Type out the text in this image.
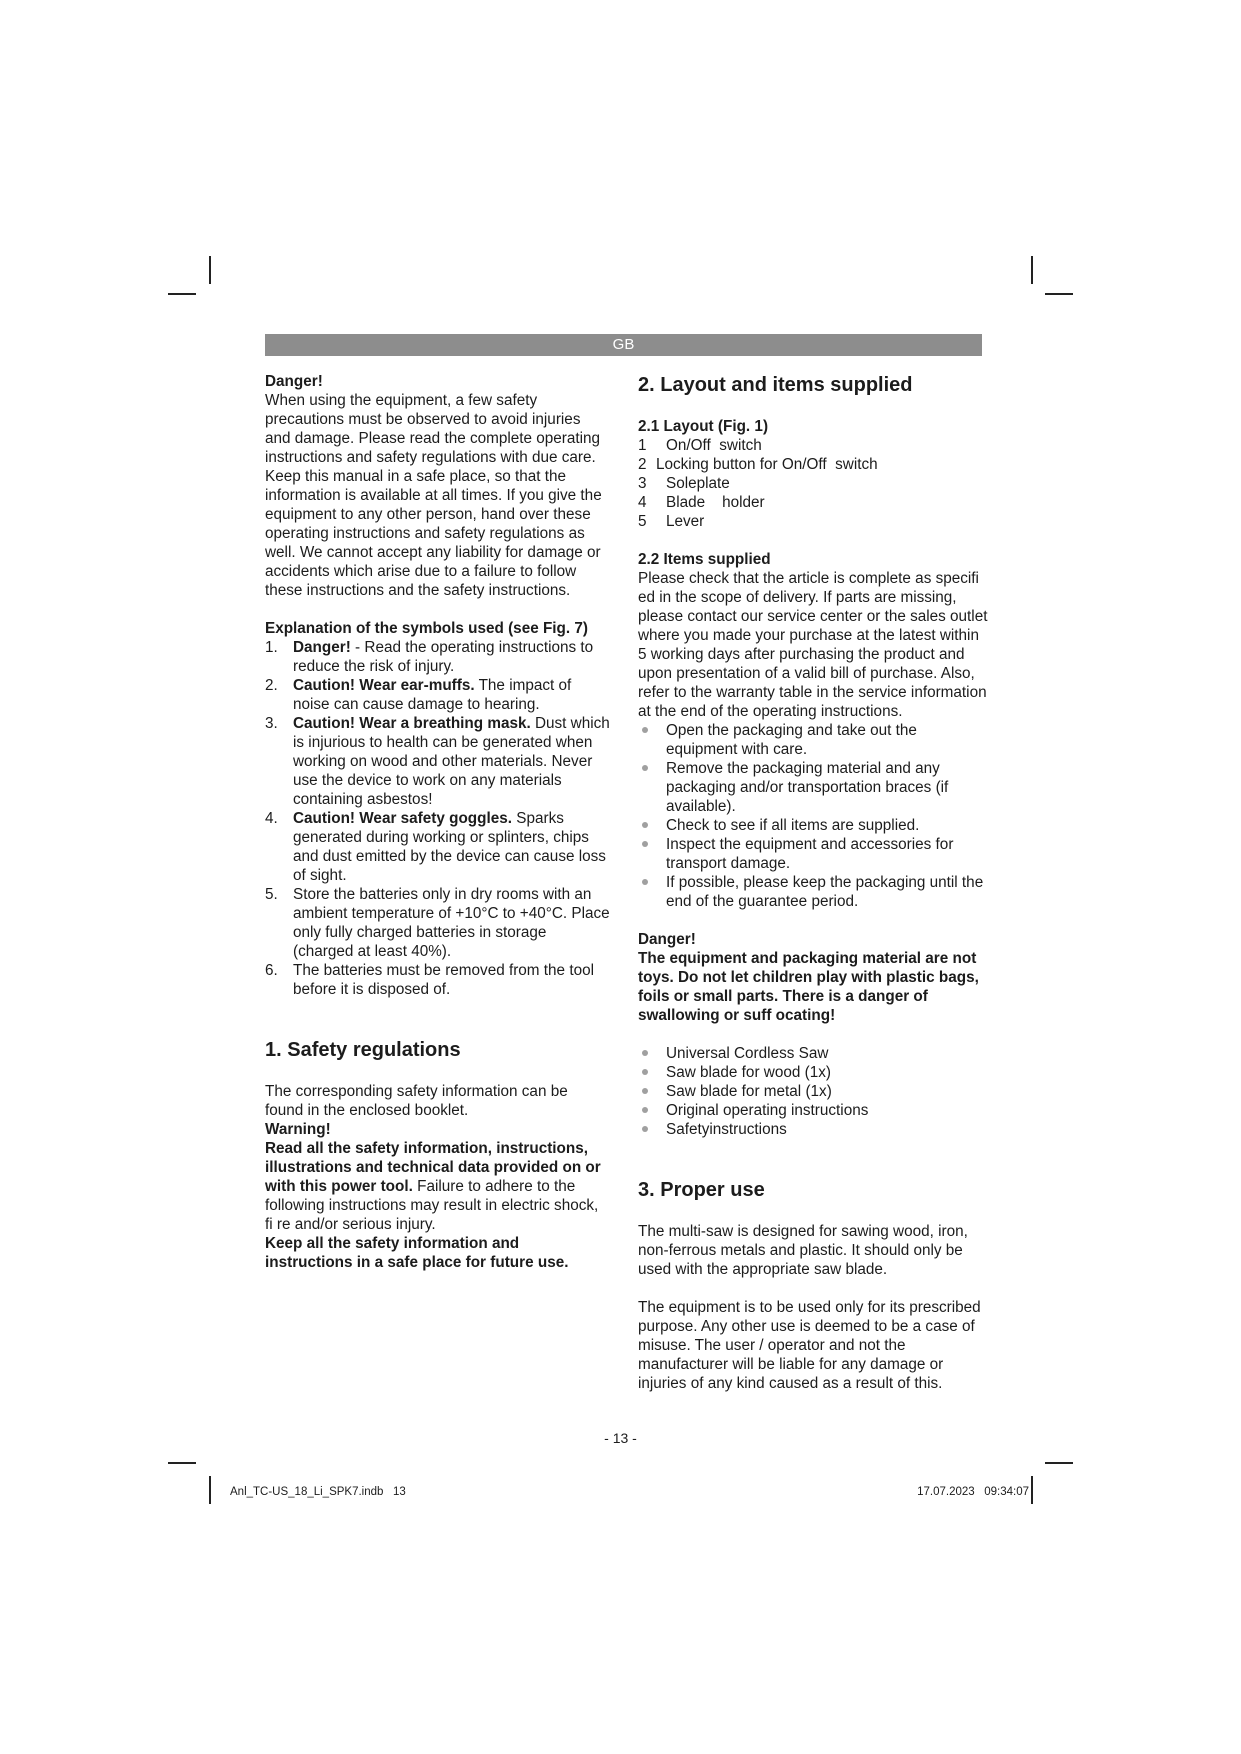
GB

Danger!

When using the equipment, a few safety precautions must be observed to avoid injuries and damage. Please read the complete operating instructions and safety regulations with due care. Keep this manual in a safe place, so that the information is available at all times. If you give the equipment to any other person, hand over these operating instructions and safety regulations as well. We cannot accept any liability for damage or accidents which arise due to a failure to follow these instructions and the safety instructions.

Explanation of the symbols used (see Fig. 7)

1. Danger! - Read the operating instructions to reduce the risk of injury.
2. Caution! Wear ear-muffs. The impact of noise can cause damage to hearing.
3. Caution! Wear a breathing mask. Dust which is injurious to health can be generated when working on wood and other materials. Never use the device to work on any materials containing asbestos!
4. Caution! Wear safety goggles. Sparks generated during working or splinters, chips and dust emitted by the device can cause loss of sight.
5. Store the batteries only in dry rooms with an ambient temperature of +10°C to +40°C. Place only fully charged batteries in storage (charged at least 40%).
6. The batteries must be removed from the tool before it is disposed of.

1. Safety regulations

The corresponding safety information can be found in the enclosed booklet.

Warning!

Read all the safety information, instructions, illustrations and technical data provided on or with this power tool. Failure to adhere to the following instructions may result in electric shock, fi re and/or serious injury.

Keep all the safety information and instructions in a safe place for future use.

2. Layout and items supplied

2.1 Layout (Fig. 1)

1	On/Off  switch
2 Locking button for On/Off  switch
3	Soleplate
4	Blade    holder
5	Lever

2.2 Items supplied

Please check that the article is complete as specifi ed in the scope of delivery. If parts are missing, please contact our service center or the sales outlet where you made your purchase at the latest within 5 working days after purchasing the product and upon presentation of a valid bill of purchase. Also, refer to the warranty table in the service information at the end of the operating instructions.

Open the packaging and take out the equipment with care.
Remove the packaging material and any packaging and/or transportation braces (if available).
Check to see if all items are supplied.
Inspect the equipment and accessories for transport damage.
If possible, please keep the packaging until the end of the guarantee period.

Danger!

The equipment and packaging material are not toys. Do not let children play with plastic bags, foils or small parts. There is a danger of swallowing or suff ocating!

Universal Cordless Saw
Saw blade for wood (1x)
Saw blade for metal (1x)
Original operating instructions
Safetyinstructions

3. Proper use

The multi-saw is designed for sawing wood, iron, non-ferrous metals and plastic. It should only be used with the appropriate saw blade.

The equipment is to be used only for its prescribed purpose. Any other use is deemed to be a case of misuse. The user / operator and not the manufacturer will be liable for any damage or injuries of any kind caused as a result of this.

- 13 -
Anl_TC-US_18_Li_SPK7.indb   13	17.07.2023   09:34:07
